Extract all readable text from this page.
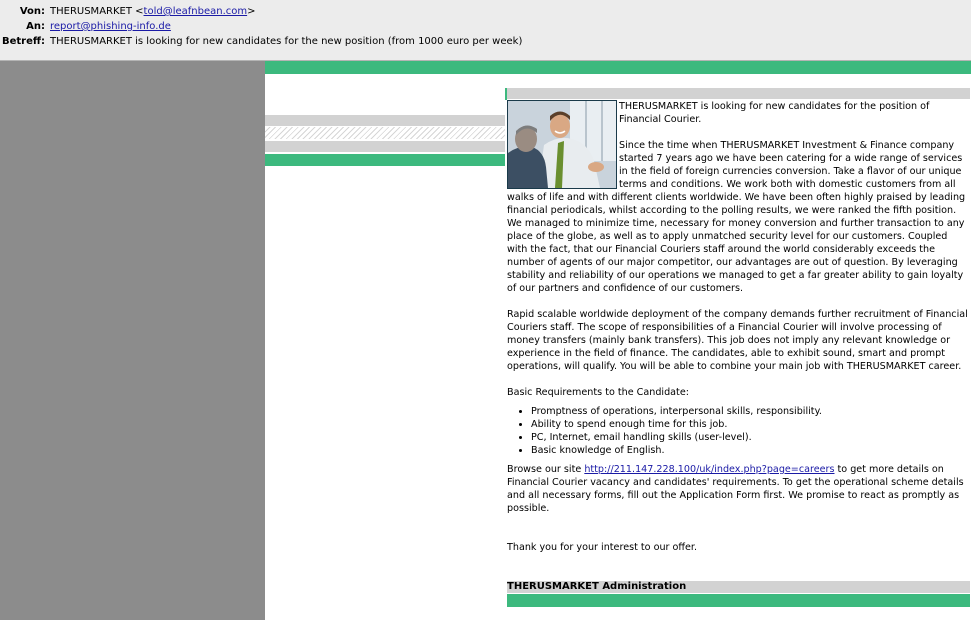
Von: THERUSMARKET <told@leafnbean.com>
An: report@phishing-info.de
Betreff: THERUSMARKET is looking for new candidates for the new position (from 1000 euro per week)

THERUSMARKET is looking for new candidates for the position of Financial Courier.

Since the time when THERUSMARKET Investment & Finance company started 7 years ago we have been catering for a wide range of services in the field of foreign currencies conversion. Take a flavor of our unique terms and conditions. We work both with domestic customers from all walks of life and with different clients worldwide. We have been often highly praised by leading financial periodicals, whilst according to the polling results, we were ranked the fifth position. We managed to minimize time, necessary for money conversion and further transaction to any place of the globe, as well as to apply unmatched security level for our customers. Coupled with the fact, that our Financial Couriers staff around the world considerably exceeds the number of agents of our major competitor, our advantages are out of question. By leveraging stability and reliability of our operations we managed to get a far greater ability to gain loyalty of our partners and confidence of our customers.

Rapid scalable worldwide deployment of the company demands further recruitment of Financial Couriers staff. The scope of responsibilities of a Financial Courier will involve processing of money transfers (mainly bank transfers). This job does not imply any relevant knowledge or experience in the field of finance. The candidates, able to exhibit sound, smart and prompt operations, will qualify. You will be able to combine your main job with THERUSMARKET career.

Basic Requirements to the Candidate:

• Promptness of operations, interpersonal skills, responsibility.
• Ability to spend enough time for this job.
• PC, Internet, email handling skills (user-level).
• Basic knowledge of English.

Browse our site http://211.147.228.100/uk/index.php?page=careers to get more details on Financial Courier vacancy and candidates' requirements. To get the operational scheme details and all necessary forms, fill out the Application Form first. We promise to react as promptly as possible.

Thank you for your interest to our offer.

THERUSMARKET Administration
